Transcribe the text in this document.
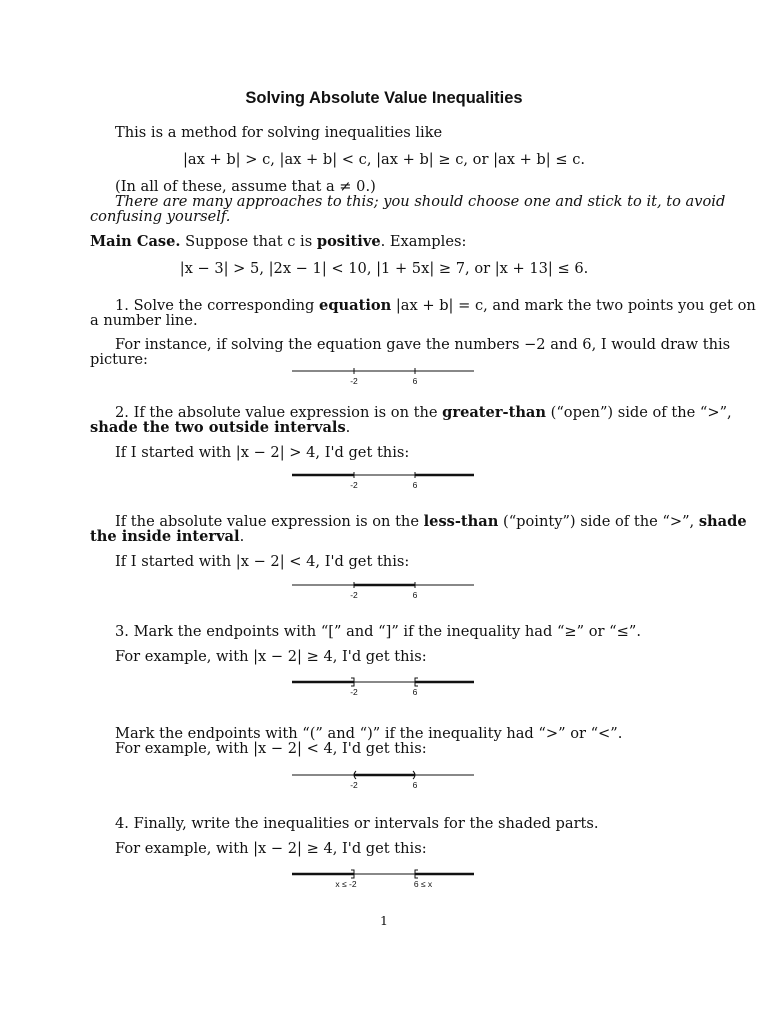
Solving Absolute Value Inequalities
This is a method for solving inequalities like
|ax + b| > c, |ax + b| < c, |ax + b| ≥ c, or |ax + b| ≤ c.
(In all of these, assume that a ≠ 0.)
There are many approaches to this; you should choose one and stick to it, to avoid
confusing yourself.
Main Case. Suppose that c is positive. Examples:
|x − 3| > 5, |2x − 1| < 10, |1 + 5x| ≥ 7, or |x + 13| ≤ 6.
1. Solve the corresponding equation |ax + b| = c, and mark the two points you get on
a number line.
For instance, if solving the equation gave the numbers −2 and 6, I would draw this
picture:
-2	6
2. If the absolute value expression is on the greater-than (“open”) side of the “>”,
shade the two outside intervals.
If I started with |x − 2| > 4, I'd get this:
-2	6
If the absolute value expression is on the less-than (“pointy”) side of the “>”, shade
the inside interval.
If I started with |x − 2| < 4, I'd get this:
-2	6
3. Mark the endpoints with “[” and “]” if the inequality had “≥” or “≤”.
For example, with |x − 2| ≥ 4, I'd get this:
-2	6
Mark the endpoints with “(” and “)” if the inequality had “>” or “<”.
For example, with |x − 2| < 4, I'd get this:
-2	6
4. Finally, write the inequalities or intervals for the shaded parts.
For example, with |x − 2| ≥ 4, I'd get this:
x ≤ -2	6 ≤ x
1
